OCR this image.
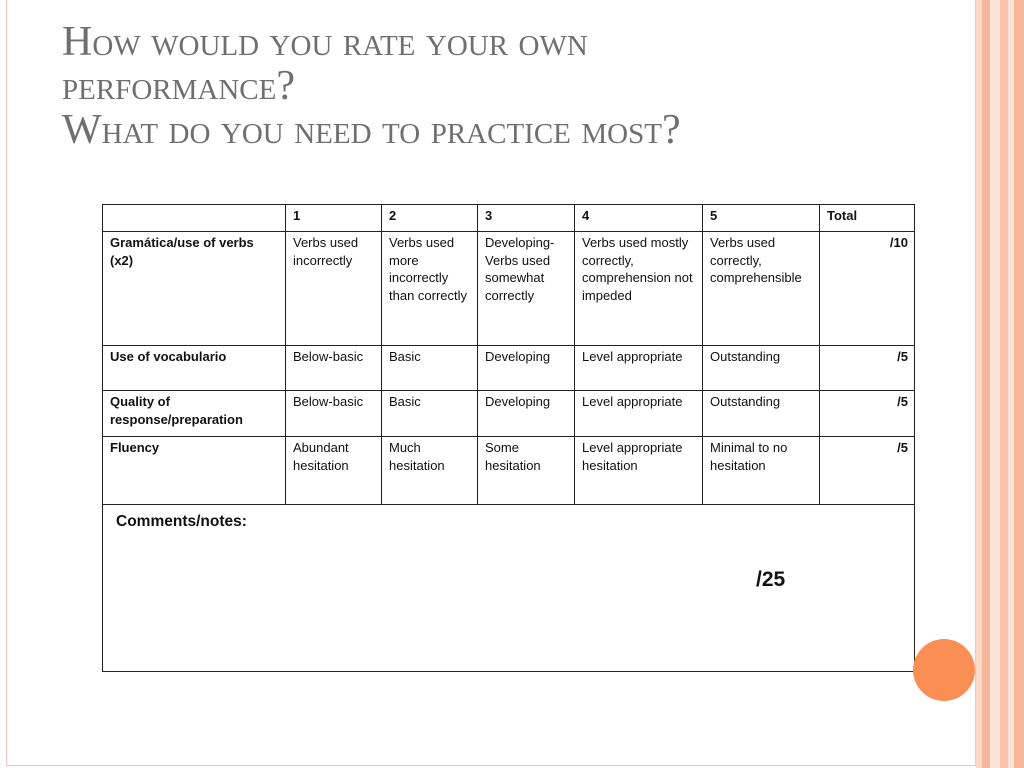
How would you rate your own
performance?
What do you need to practice most?
	1	2	3	4	5	Total
Gramática/use of verbs (x2)	Verbs used incorrectly	Verbs used more incorrectly than correctly	Developing- Verbs used somewhat correctly	Verbs used mostly correctly, comprehension not impeded	Verbs used correctly, comprehensible	/10
Use of vocabulario	Below-basic	Basic	Developing	Level appropriate	Outstanding	/5
Quality of response/preparation	Below-basic	Basic	Developing	Level appropriate	Outstanding	/5
Fluency	Abundant hesitation	Much hesitation	Some hesitation	Level appropriate hesitation	Minimal to no hesitation	/5

Comments/notes:
/25						
